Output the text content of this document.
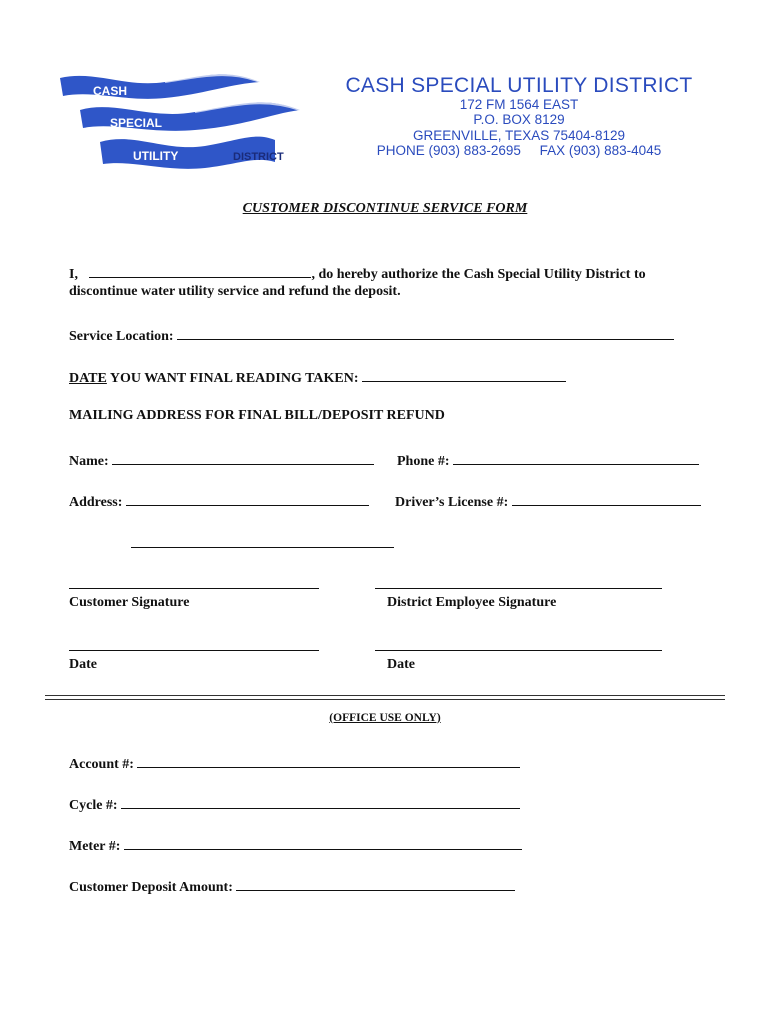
CASH
SPECIAL
UTILITY	DISTRICT
CASH SPECIAL UTILITY DISTRICT
172 FM 1564 EAST
P.O. BOX 8129
GREENVILLE, TEXAS 75404-8129
PHONE (903) 883-2695 FAX (903) 883-4045
CUSTOMER DISCONTINUE SERVICE FORM
I,	, do hereby authorize the Cash Special Utility District to
discontinue water utility service and refund the deposit.
Service Location:
DATE YOU WANT FINAL READING TAKEN:
MAILING ADDRESS FOR FINAL BILL/DEPOSIT REFUND
Name:	Phone #:
Address:	Driver’s License #:
Customer Signature	District Employee Signature
Date	Date
(OFFICE USE ONLY)
Account #:
Cycle #:
Meter #:
Customer Deposit Amount:
